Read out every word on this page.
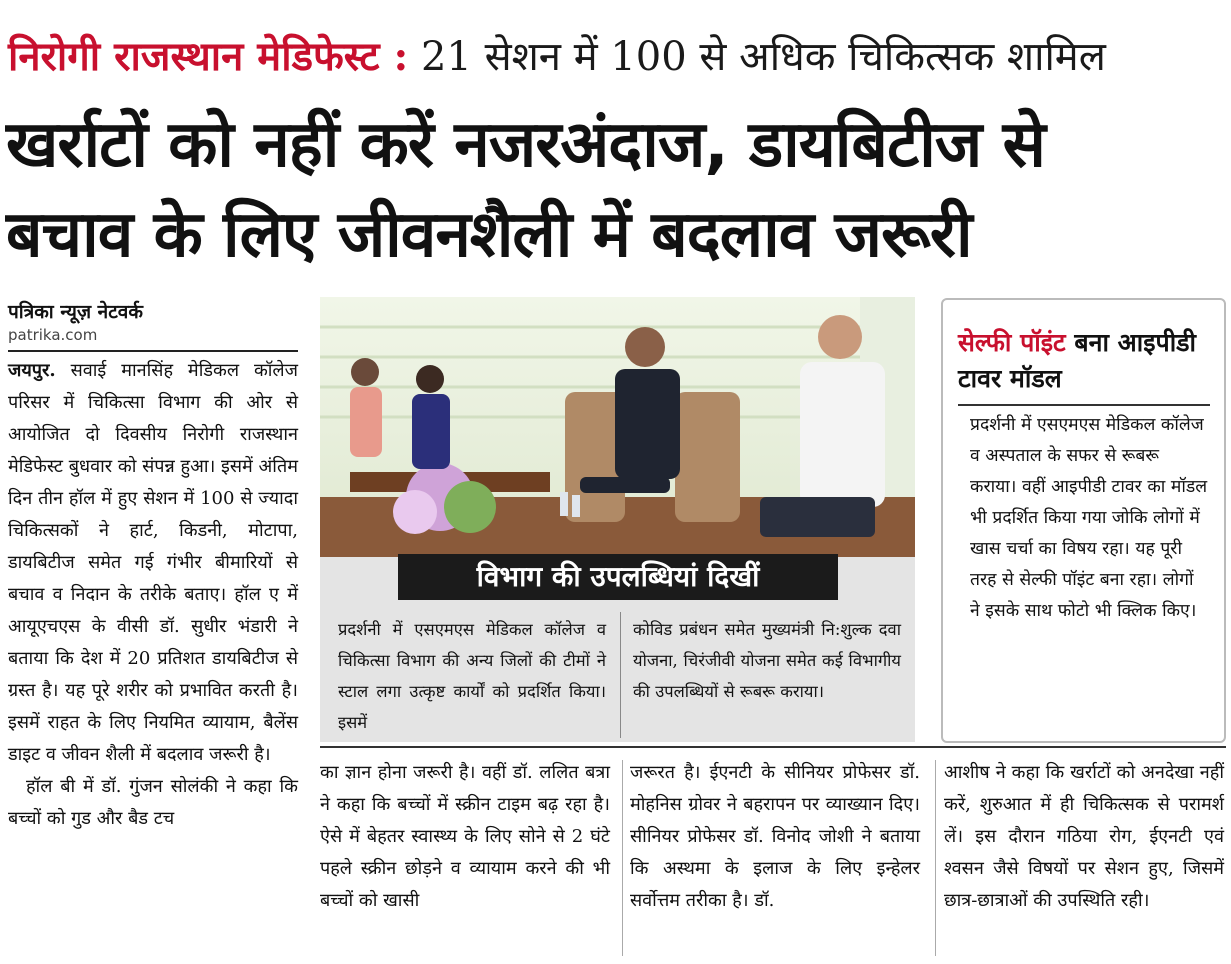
निरोगी राजस्थान मेडिफेस्ट : 21 सेशन में 100 से अधिक चिकित्सक शामिल
खर्राटों को नहीं करें नजरअंदाज, डायबिटीज से
बचाव के लिए जीवनशैली में बदलाव जरूरी
पत्रिका न्यूज़ नेटवर्क
patrika.com
जयपुर. सवाई मानसिंह मेडिकल कॉलेज परिसर में चिकित्सा विभाग की ओर से आयोजित दो दिवसीय निरोगी राजस्थान मेडिफेस्ट बुधवार को संपन्न हुआ। इसमें अंतिम दिन तीन हॉल में हुए सेशन में 100 से ज्यादा चिकित्सकों ने हार्ट, किडनी, मोटापा, डायबिटीज समेत गई गंभीर बीमारियों से बचाव व निदान के तरीके बताए। हॉल ए में आयूएचएस के वीसी डॉ. सुधीर भंडारी ने बताया कि देश में 20 प्रतिशत डायबिटीज से ग्रस्त है। यह पूरे शरीर को प्रभावित करती है। इसमें राहत के लिए नियमित व्यायाम, बैलेंस डाइट व जीवन शैली में बदलाव जरूरी है।
हॉल बी में डॉ. गुंजन सोलंकी ने कहा कि बच्चों को गुड और बैड टच
विभाग की उपलब्धियां दिखीं
प्रदर्शनी में एसएमएस मेडिकल कॉलेज व चिकित्सा विभाग की अन्य जिलों की टीमों ने स्टाल लगा उत्कृष्ट कार्यों को प्रदर्शित किया। इसमें
कोविड प्रबंधन समेत मुख्यमंत्री नि:शुल्क दवा योजना, चिरंजीवी योजना समेत कई विभागीय की उपलब्धियों से रूबरू कराया।
सेल्फी पॉइंट बना आइपीडी टावर मॉडल
प्रदर्शनी में एसएमएस मेडिकल कॉलेज व अस्पताल के सफर से रूबरू कराया। वहीं आइपीडी टावर का मॉडल भी प्रदर्शित किया गया जोकि लोगों में खास चर्चा का विषय रहा। यह पूरी तरह से सेल्फी पॉइंट बना रहा। लोगों ने इसके साथ फोटो भी क्लिक किए।
का ज्ञान होना जरूरी है। वहीं डॉ. ललित बत्रा ने कहा कि बच्चों में स्क्रीन टाइम बढ़ रहा है। ऐसे में बेहतर स्वास्थ्य के लिए सोने से 2 घंटे पहले स्क्रीन छोड़ने व व्यायाम करने की भी बच्चों को खासी
जरूरत है। ईएनटी के सीनियर प्रोफेसर डॉ. मोहनिस ग्रोवर ने बहरापन पर व्याख्यान दिए। सीनियर प्रोफेसर डॉ. विनोद जोशी ने बताया कि अस्थमा के इलाज के लिए इन्हेलर सर्वोत्तम तरीका है। डॉ.
आशीष ने कहा कि खर्राटों को अनदेखा नहीं करें, शुरुआत में ही चिकित्सक से परामर्श लें। इस दौरान गठिया रोग, ईएनटी एवं श्वसन जैसे विषयों पर सेशन हुए, जिसमें छात्र-छात्राओं की उपस्थिति रही।
